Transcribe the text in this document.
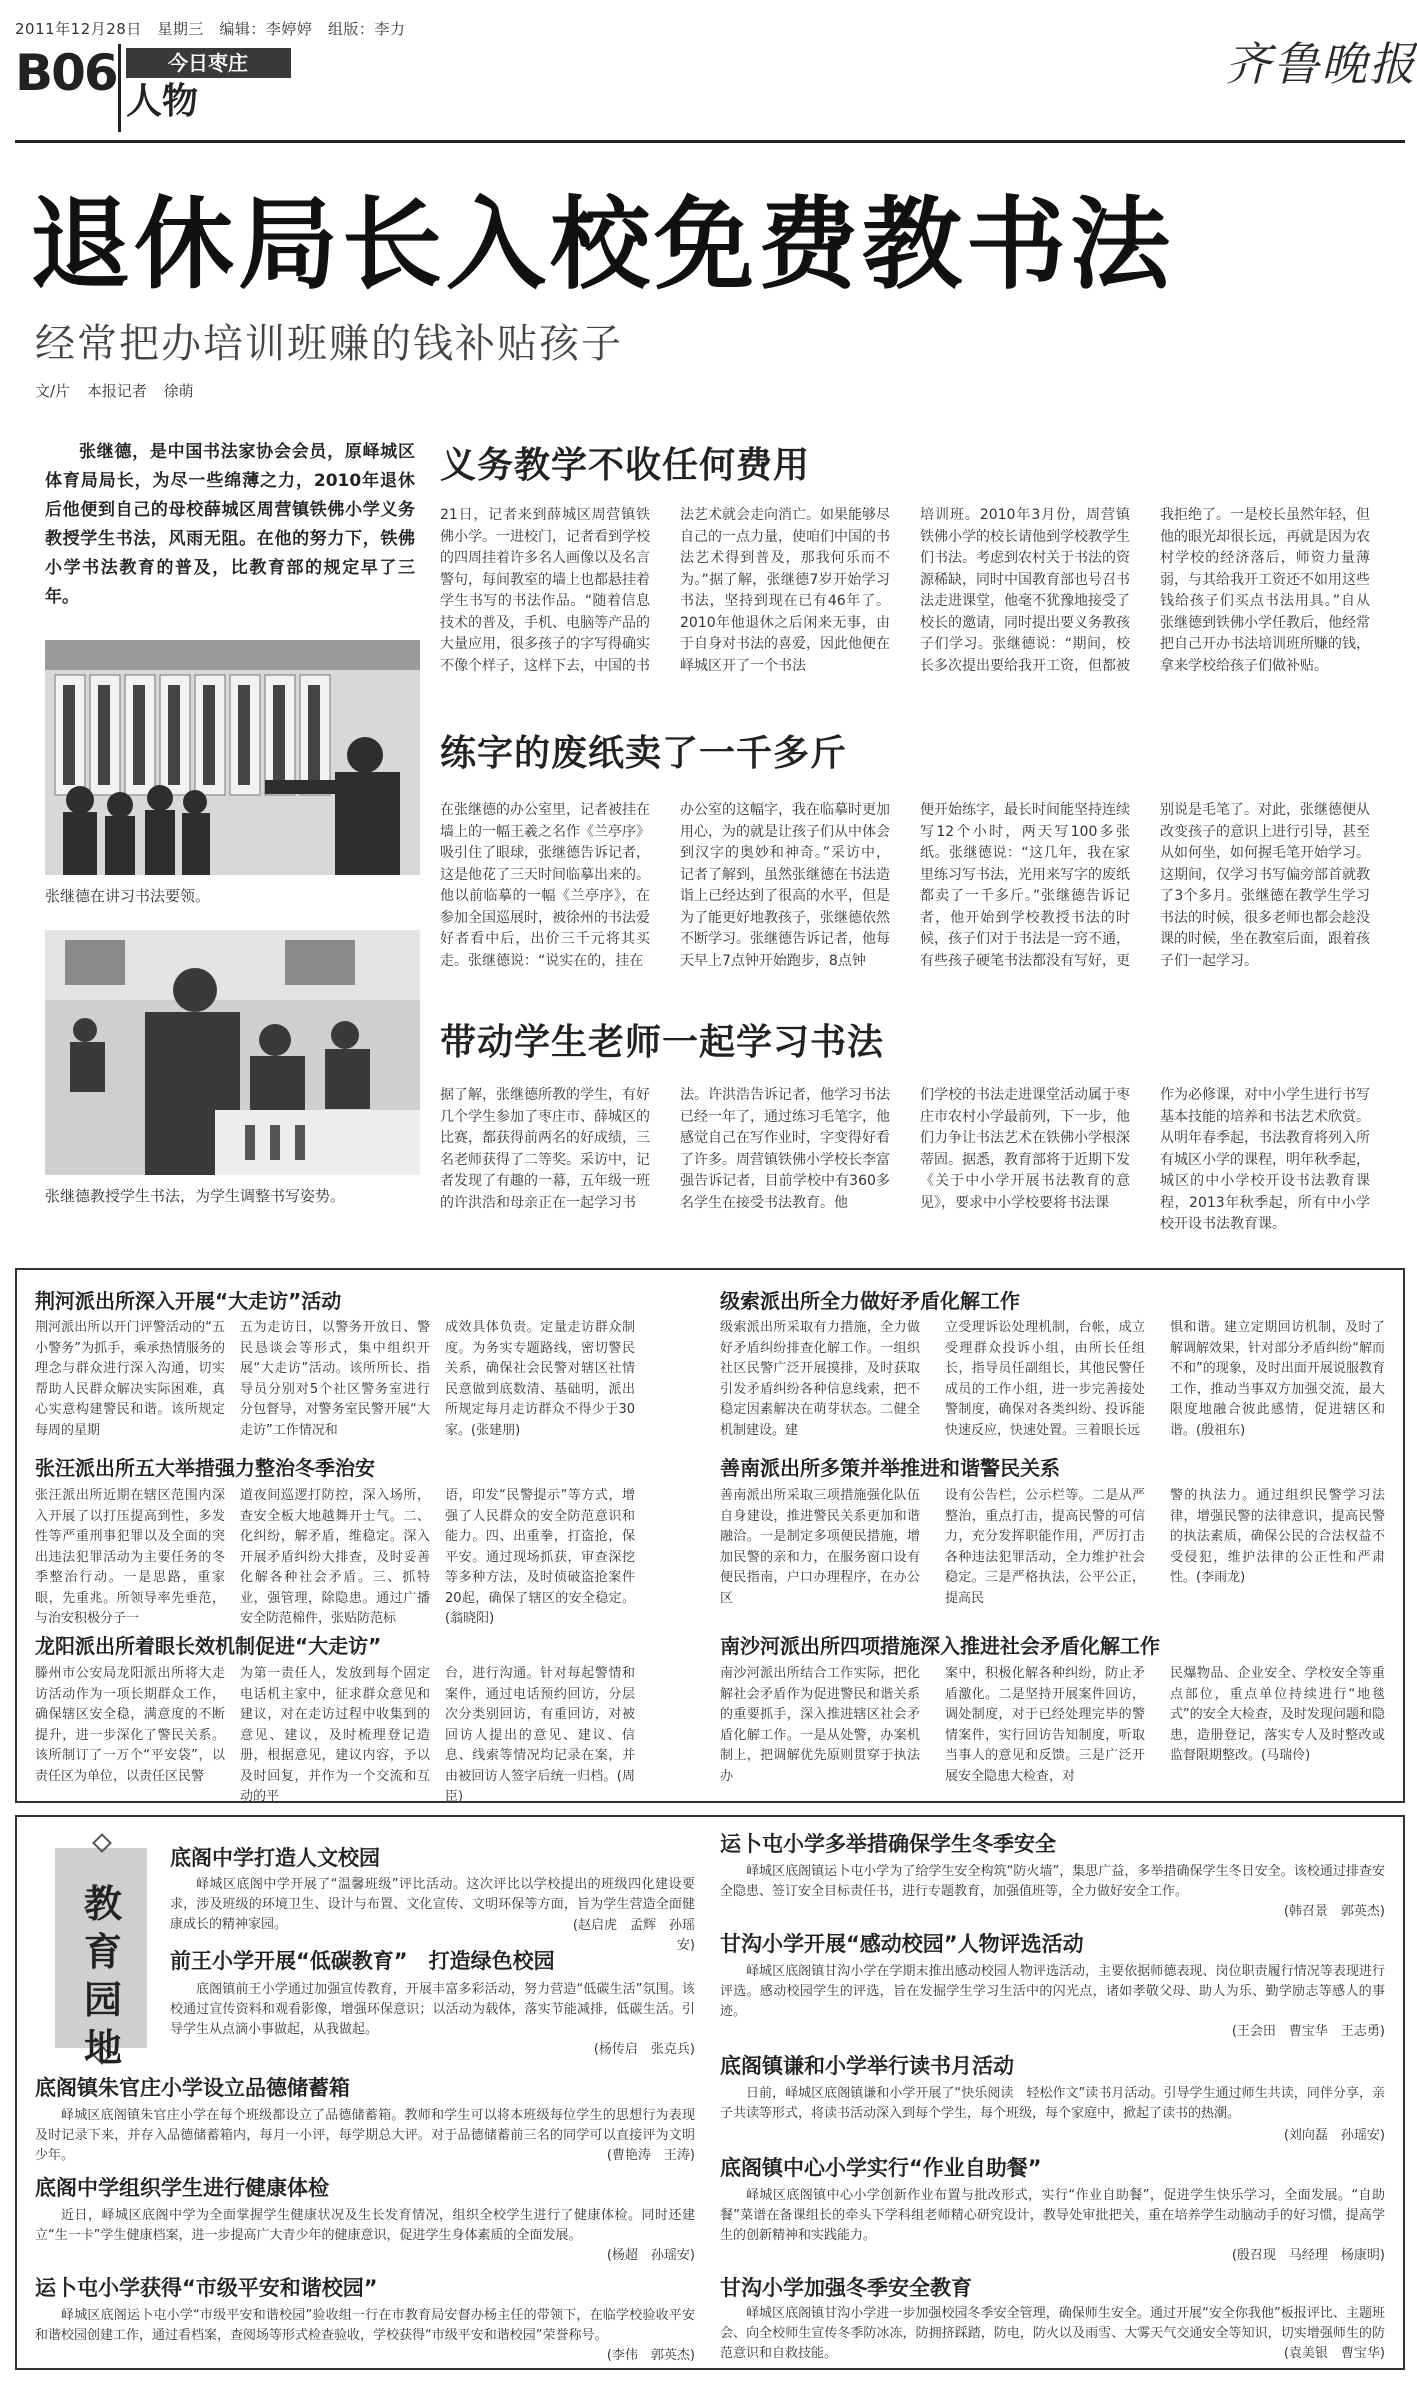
2011年12月28日　星期三　编辑：李婷婷　组版：李力
B06	今日枣庄
人物
齐鲁晚报
退休局长入校免费教书法
经常把办培训班赚的钱补贴孩子
文/片 本报记者 徐萌
张继德，是中国书法家协会会员，原峄城区体育局局长，为尽一些绵薄之力，2010年退休后他便到自己的母校薛城区周营镇铁佛小学义务教授学生书法，风雨无阻。在他的努力下，铁佛小学书法教育的普及，比教育部的规定早了三年。
张继德在讲习书法要领。
张继德教授学生书法，为学生调整书写姿势。
义务教学不收任何费用
21日，记者来到薛城区周营镇铁佛小学。一进校门，记者看到学校的四周挂着许多名人画像以及名言警句，每间教室的墙上也都悬挂着学生书写的书法作品。“随着信息技术的普及，手机、电脑等产品的大量应用，很多孩子的字写得确实不像个样子，这样下去，中国的书
法艺术就会走向消亡。如果能够尽自己的一点力量，使咱们中国的书法艺术得到普及，那我何乐而不为。”据了解，张继德7岁开始学习书法，坚持到现在已有46年了。2010年他退休之后闲来无事，由于自身对书法的喜爱，因此他便在峄城区开了一个书法
培训班。2010年3月份，周营镇铁佛小学的校长请他到学校教学生们书法。考虑到农村关于书法的资源稀缺，同时中国教育部也号召书法走进课堂，他毫不犹豫地接受了校长的邀请，同时提出要义务教孩子们学习。张继德说：“期间，校长多次提出要给我开工资，但都被
我拒绝了。一是校长虽然年轻，但他的眼光却很长远，再就是因为农村学校的经济落后，师资力量薄弱，与其给我开工资还不如用这些钱给孩子们买点书法用具。”自从张继德到铁佛小学任教后，他经常把自己开办书法培训班所赚的钱，拿来学校给孩子们做补贴。
练字的废纸卖了一千多斤
在张继德的办公室里，记者被挂在墙上的一幅王羲之名作《兰亭序》吸引住了眼球，张继德告诉记者，这是他花了三天时间临摹出来的。他以前临摹的一幅《兰亭序》，在参加全国巡展时，被徐州的书法爱好者看中后，出价三千元将其买走。张继德说：“说实在的，挂在
办公室的这幅字，我在临摹时更加用心，为的就是让孩子们从中体会到汉字的奥妙和神奇。”采访中，记者了解到，虽然张继德在书法造诣上已经达到了很高的水平，但是为了能更好地教孩子，张继德依然不断学习。张继德告诉记者，他每天早上7点钟开始跑步，8点钟
便开始练字，最长时间能坚持连续写12个小时，两天写100多张纸。张继德说：“这几年，我在家里练习写书法，光用来写字的废纸都卖了一千多斤。”张继德告诉记者，他开始到学校教授书法的时候，孩子们对于书法是一窍不通，有些孩子硬笔书法都没有写好，更
别说是毛笔了。对此，张继德便从改变孩子的意识上进行引导，甚至从如何坐，如何握毛笔开始学习。这期间，仅学习书写偏旁部首就教了3个多月。张继德在教学生学习书法的时候，很多老师也都会趁没课的时候，坐在教室后面，跟着孩子们一起学习。
带动学生老师一起学习书法
据了解，张继德所教的学生，有好几个学生参加了枣庄市、薛城区的比赛，都获得前两名的好成绩，三名老师获得了二等奖。采访中，记者发现了有趣的一幕，五年级一班的许洪浩和母亲正在一起学习书
法。许洪浩告诉记者，他学习书法已经一年了，通过练习毛笔字，他感觉自己在写作业时，字变得好看了许多。周营镇铁佛小学校长李富强告诉记者，目前学校中有360多名学生在接受书法教育。他
们学校的书法走进课堂活动属于枣庄市农村小学最前列，下一步，他们力争让书法艺术在铁佛小学根深蒂固。据悉，教育部将于近期下发《关于中小学开展书法教育的意见》，要求中小学校要将书法课
作为必修课，对中小学生进行书写基本技能的培养和书法艺术欣赏。从明年春季起，书法教育将列入所有城区小学的课程，明年秋季起，城区的中小学校开设书法教育课程，2013年秋季起，所有中小学校开设书法教育课。
荆河派出所深入开展“大走访”活动
荆河派出所以开门评警活动的“五小警务”为抓手，乘承热情服务的理念与群众进行深入沟通，切实帮助人民群众解决实际困难，真心实意构建警民和谐。该所规定每周的星期
五为走访日，以警务开放日、警民恳谈会等形式，集中组织开展“大走访”活动。该所所长、指导员分别对5个社区警务室进行分包督导，对警务室民警开展“大走访”工作情况和
成效具体负责。定量走访群众制度。为务实专题路线，密切警民关系，确保社会民警对辖区社情民意做到底数清、基础明，派出所规定每月走访群众不得少于30家。(张建朋)
级索派出所全力做好矛盾化解工作
级索派出所采取有力措施，全力做好矛盾纠纷排查化解工作。一组织社区民警广泛开展摸排，及时获取引发矛盾纠纷各种信息线索，把不稳定因素解决在萌芽状态。二健全机制建设。建
立受理诉讼处理机制，台帐，成立受理群众投诉小组，由所长任组长，指导员任副组长，其他民警任成员的工作小组，进一步完善接处警制度，确保对各类纠纷、投诉能快速反应，快速处置。三着眼长远
惧和谐。建立定期回访机制，及时了解调解效果，针对部分矛盾纠纷“解而不和”的现象，及时出面开展说服教育工作，推动当事双方加强交流，最大限度地融合彼此感情，促进辖区和谐。(殷祖东)
张汪派出所五大举措强力整治冬季治安
张汪派出所近期在辖区范围内深入开展了以打压提高到性，多发性等严重刑事犯罪以及全面的突出违法犯罪活动为主要任务的冬季整治行动。一是思路，重家眼，先重兆。所领导率先垂范，与治安积极分子一
道夜间巡逻打防控，深入场所，查安全板大地越舞开士气。二、化纠纷，解矛盾，维稳定。深入开展矛盾纠纷大排查，及时妥善化解各种社会矛盾。三、抓特业，强管理，除隐患。通过广播安全防范棉件，张贴防范标
语，印发“民警提示”等方式，增强了人民群众的安全防范意识和能力。四、出重拳，打盗抢，保平安。通过现场抓获，审查深挖等多种方法，及时侦破盗抢案件20起，确保了辖区的安全稳定。(翁晓阳)
善南派出所多策并举推进和谐警民关系
善南派出所采取三项措施强化队伍自身建设，推进警民关系更加和谐融洽。一是制定多项便民措施，增加民警的亲和力，在服务窗口设有便民指南，户口办理程序，在办公区
设有公告栏，公示栏等。二是从严整治，重点打击，提高民警的可信力，充分发挥职能作用，严厉打击各种违法犯罪活动，全力维护社会稳定。三是严格执法，公平公正，提高民
警的执法力。通过组织民警学习法律，增强民警的法律意识，提高民警的执法素质，确保公民的合法权益不受侵犯，维护法律的公正性和严肃性。(李雨龙)
龙阳派出所着眼长效机制促进“大走访”
滕州市公安局龙阳派出所将大走访活动作为一项长期群众工作，确保辖区安全稳，满意度的不断提升，进一步深化了警民关系。该所制订了一万个“平安袋”，以责任区为单位，以责任区民警
为第一责任人，发放到每个固定电话机主家中，征求群众意见和建议，对在走访过程中收集到的意见、建议，及时梳理登记造册，根据意见，建议内容，予以及时回复，并作为一个交流和互动的平
台，进行沟通。针对每起警情和案件，通过电话预约回访，分层次分类别回访，有重回访，对被回访人提出的意见、建议、信息、线索等情况均记录在案，并由被回访人签字后统一归档。(周臣)
南沙河派出所四项措施深入推进社会矛盾化解工作
南沙河派出所结合工作实际，把化解社会矛盾作为促进警民和谐关系的重要抓手，深入推进辖区社会矛盾化解工作。一是从处警，办案机制上，把调解优先原则贯穿于执法办
案中，积极化解各种纠纷，防止矛盾激化。二是坚持开展案件回访，调处制度，对于已经处理完毕的警情案件，实行回访告知制度，听取当事人的意见和反馈。三是广泛开展安全隐患大检查，对
民爆物品、企业安全、学校安全等重点部位，重点单位持续进行“地毯式”的安全大检查，及时发现问题和隐患，造册登记，落实专人及时整改或监督限期整改。(马瑞伶)
教育园地
底阁中学打造人文校园
峄城区底阁中学开展了“温馨班级”评比活动。这次评比以学校提出的班级四化建设要求，涉及班级的环境卫生、设计与布置、文化宣传、文明环保等方面，旨为学生营造全面健康成长的精神家园。	(赵启虎　孟辉　孙瑶安)
前王小学开展“低碳教育”　打造绿色校园
底阁镇前王小学通过加强宣传教育，开展丰富多彩活动，努力营造“低碳生活”氛围。该校通过宣传资料和观看影像，增强环保意识；以活动为载体，落实节能减排，低碳生活。引导学生从点滴小事做起，从我做起。
(杨传启　张克兵)
底阁镇朱官庄小学设立品德储蓄箱
峄城区底阁镇朱官庄小学在每个班级都设立了品德储蓄箱。教师和学生可以将本班级每位学生的思想行为表现及时记录下来，并存入品德储蓄箱内，每月一小评，每学期总大评。对于品德储蓄前三名的同学可以直接评为文明少年。	(曹艳涛　王涛)
底阁中学组织学生进行健康体检
近日，峄城区底阁中学为全面掌握学生健康状况及生长发育情况，组织全校学生进行了健康体检。同时还建立“生一卡”学生健康档案，进一步提高广大青少年的健康意识，促进学生身体素质的全面发展。
(杨超　孙瑶安)
运卜屯小学获得“市级平安和谐校园”
峄城区底阁运卜屯小学“市级平安和谐校园”验收组一行在市教育局安督办杨主任的带领下，在临学校验收平安和谐校园创建工作，通过看档案，查阅场等形式检查验收，学校获得“市级平安和谐校园”荣誉称号。
(李伟　郭英杰)
运卜屯小学多举措确保学生冬季安全
峄城区底阁镇运卜屯小学为了给学生安全构筑“防火墙”，集思广益，多举措确保学生冬日安全。该校通过排查安全隐患、签订安全目标责任书，进行专题教育，加强值班等，全力做好安全工作。
(韩召景　郭英杰)
甘沟小学开展“感动校园”人物评选活动
峄城区底阁镇甘沟小学在学期末推出感动校园人物评选活动，主要依据师德表现、岗位职责履行情况等表现进行评选。感动校园学生的评选，旨在发掘学生学习生活中的闪光点，诸如孝敬父母、助人为乐、勤学励志等感人的事迹。
(王会田　曹宝华　王志勇)
底阁镇谦和小学举行读书月活动
日前，峄城区底阁镇谦和小学开展了“快乐阅读　轻松作文”读书月活动。引导学生通过师生共读，同伴分享，亲子共读等形式，将读书活动深入到每个学生，每个班级，每个家庭中，掀起了读书的热潮。
(刘向磊　孙瑶安)
底阁镇中心小学实行“作业自助餐”
峄城区底阁镇中心小学创新作业布置与批改形式，实行“作业自助餐”，促进学生快乐学习，全面发展。“自助餐”菜谱在备课组长的牵头下学科组老师精心研究设计，教导处审批把关，重在培养学生动脑动手的好习惯，提高学生的创新精神和实践能力。
(殷召现　马经理　杨康明)
甘沟小学加强冬季安全教育
峄城区底阁镇甘沟小学进一步加强校园冬季安全管理，确保师生安全。通过开展“安全你我他”板报评比、主题班会、向全校师生宣传冬季防冰冻，防拥挤踩踏，防电，防火以及雨雪、大雾天气交通安全等知识，切实增强师生的防范意识和自救技能。	(袁美银　曹宝华)
